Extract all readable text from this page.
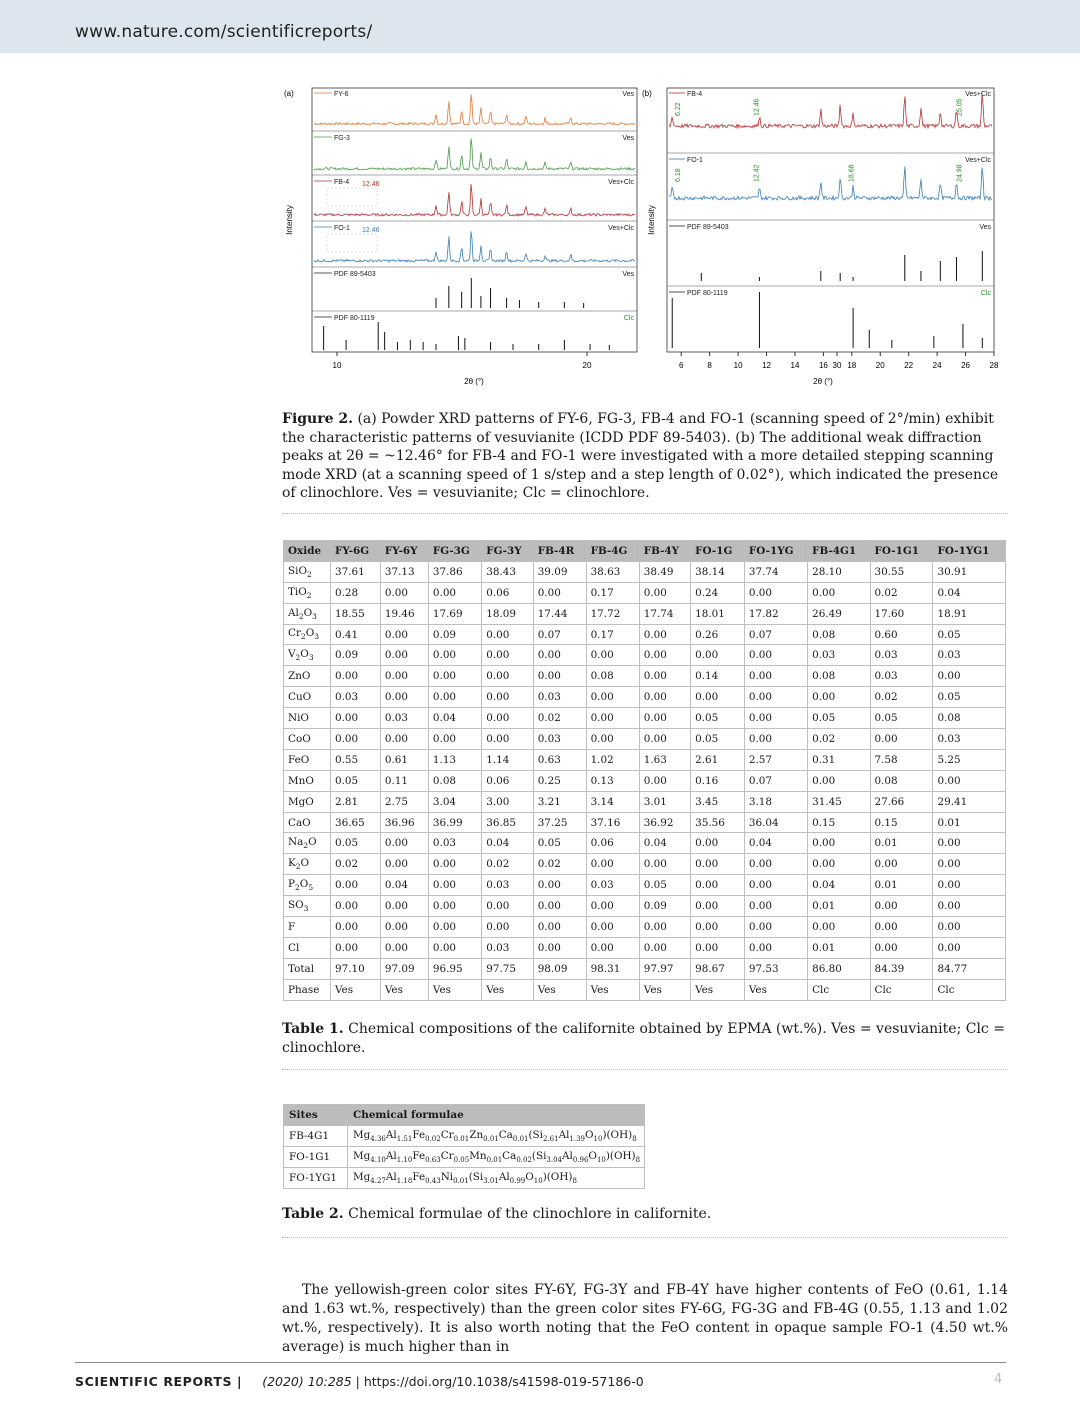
www.nature.com/scientificreports/
(a)
Intensity
2θ (°)
10	20	30
FY-6	Ves
FG-3	Ves
FB-4	Ves+Clc
12.46
FO-1	Ves+Clc
12.46
PDF 89-5403	Ves
PDF 80-1119	Clc
(b)
Intensity
2θ (°)
6	8	10 12 14 16 18 20 22 24 26 28
FB-4	Ves+Clc
6.22	12.46	25.05
FO-1	Ves+Clc
6.18	12.42	18.68	24.98
PDF 89-5403	Ves
PDF 80-1119	Clc
Figure 2. (a) Powder XRD patterns of FY-6, FG-3, FB-4 and FO-1 (scanning speed of 2°/min) exhibit the characteristic patterns of vesuvianite (ICDD PDF 89-5403). (b) The additional weak diffraction peaks at 2θ = ~12.46° for FB-4 and FO-1 were investigated with a more detailed stepping scanning mode XRD (at a scanning speed of 1 s/step and a step length of 0.02°), which indicated the presence of clinochlore. Ves = vesuvianite; Clc = clinochlore.
Oxide	FY-6G	FY-6Y	FG-3G	FG-3Y	FB-4R	FB-4G	FB-4Y	FO-1G	FO-1YG	FB-4G1	FO-1G1	FO-1YG1
SiO$_2$	37.61	37.13	37.86	38.43	39.09	38.63	38.49	38.14	37.74	28.10	30.55	30.91
TiO$_2$	0.28	0.00	0.00	0.06	0.00	0.17	0.00	0.24	0.00	0.00	0.02	0.04
$Al_2O_3$	18.55	19.46	17.69	18.09	17.44	17.72	17.74	18.01	17.82	26.49	17.60	18.91
$Cr_2O_3$	0.41	0.00	0.09	0.00	0.07	0.17	0.00	0.26	0.07	0.08	0.60	0.05
$V_2O_3$	0.09	0.00	0.00	0.00	0.00	0.00	0.00	0.00	0.00	0.03	0.03	0.03
ZnO	0.00	0.00	0.00	0.00	0.00	0.08	0.00	0.14	0.00	0.08	0.03	0.00
CuO	0.03	0.00	0.00	0.00	0.03	0.00	0.00	0.00	0.00	0.00	0.02	0.05
NiO	0.00	0.03	0.04	0.00	0.02	0.00	0.00	0.05	0.00	0.05	0.05	0.08
CoO	0.00	0.00	0.00	0.00	0.03	0.00	0.00	0.05	0.00	0.02	0.00	0.03
FeO	0.55	0.61	1.13	1.14	0.63	1.02	1.63	2.61	2.57	0.31	7.58	5.25
MnO	0.05	0.11	0.08	0.06	0.25	0.13	0.00	0.16	0.07	0.00	0.08	0.00
MgO	2.81	2.75	3.04	3.00	3.21	3.14	3.01	3.45	3.18	31.45	27.66	29.41
CaO	36.65	36.96	36.99	36.85	37.25	37.16	36.92	35.56	36.04	0.15	0.15	0.01
$Na_2O$	0.05	0.00	0.03	0.04	0.05	0.06	0.04	0.00	0.04	0.00	0.01	0.00
$K_2O$	0.02	0.00	0.00	0.02	0.02	0.00	0.00	0.00	0.00	0.00	0.00	0.00
$P_2O_5$	0.00	0.04	0.00	0.03	0.00	0.03	0.05	0.00	0.00	0.04	0.01	0.00
$SO_3$	0.00	0.00	0.00	0.00	0.00	0.00	0.09	0.00	0.00	0.01	0.00	0.00
F	0.00	0.00	0.00	0.00	0.00	0.00	0.00	0.00	0.00	0.00	0.00	0.00
Cl	0.00	0.00	0.00	0.03	0.00	0.00	0.00	0.00	0.00	0.01	0.00	0.00
Total	97.10	97.09	96.95	97.75	98.09	98.31	97.97	98.67	97.53	86.80	84.39	84.77
Phase	Ves	Ves	Ves	Ves	Ves	Ves	Ves	Ves	Ves	Clc	Clc	Clc
Table 1. Chemical compositions of the californite obtained by EPMA (wt.%). Ves = vesuvianite; Clc = clinochlore.
Sites	Chemical formulae
FB-4G1	$Mg_{4.36}Al_{1.51}Fe_{0.02}Cr_{0.01}Zn_{0.01}Ca_{0.01}(Si_{2.61}Al_{1.39}O_{10})(OH)_8$
FO-1G1	$Mg_{4.10}Al_{1.10}Fe_{0.63}Cr_{0.05}Mn_{0.01}Ca_{0.02}(Si_{3.04}Al_{0.96}O_{10})(OH)_8$
FO-1YG1	$Mg_{4.27}Al_{1.18}Fe_{0.43}Ni_{0.01}(Si_{3.01}Al_{0.99}O_{10})(OH)_8$
Table 2. Chemical formulae of the clinochlore in californite.
The yellowish-green color sites FY-6Y, FG-3Y and FB-4Y have higher contents of FeO (0.61, 1.14 and 1.63 wt.%, respectively) than the green color sites FY-6G, FG-3G and FB-4G (0.55, 1.13 and 1.02 wt.%, respectively). It is also worth noting that the FeO content in opaque sample FO-1 (4.50 wt.% average) is much higher than in
SCIENTIFIC REPORTS | (2020) 10:285 | https://doi.org/10.1038/s41598-019-57186-0	4
